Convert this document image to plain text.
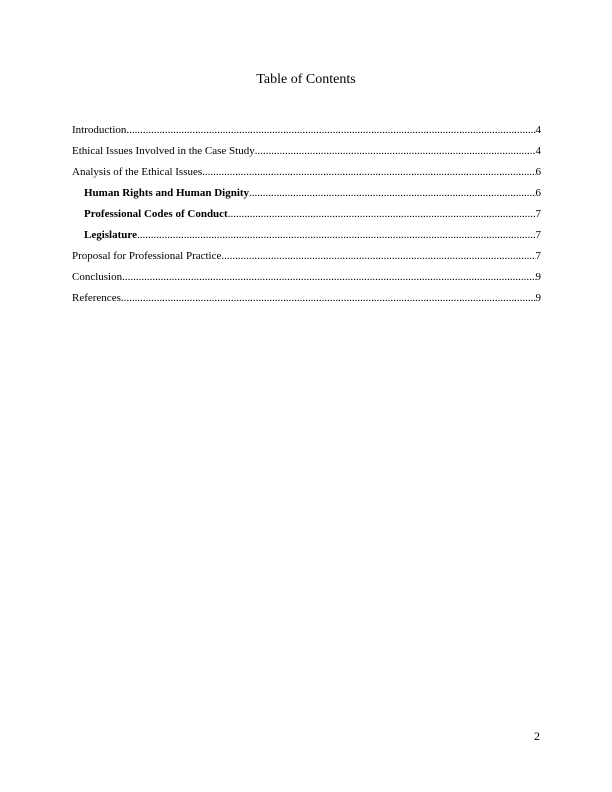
Table of Contents
Introduction .....	4
Ethical Issues Involved in the Case Study .....	4
Analysis of the Ethical Issues .....	6
Human Rights and Human Dignity .....	6
Professional Codes of Conduct .....	7
Legislature .....	7
Proposal for Professional Practice .....	7
Conclusion .....	9
References .....	9
2
